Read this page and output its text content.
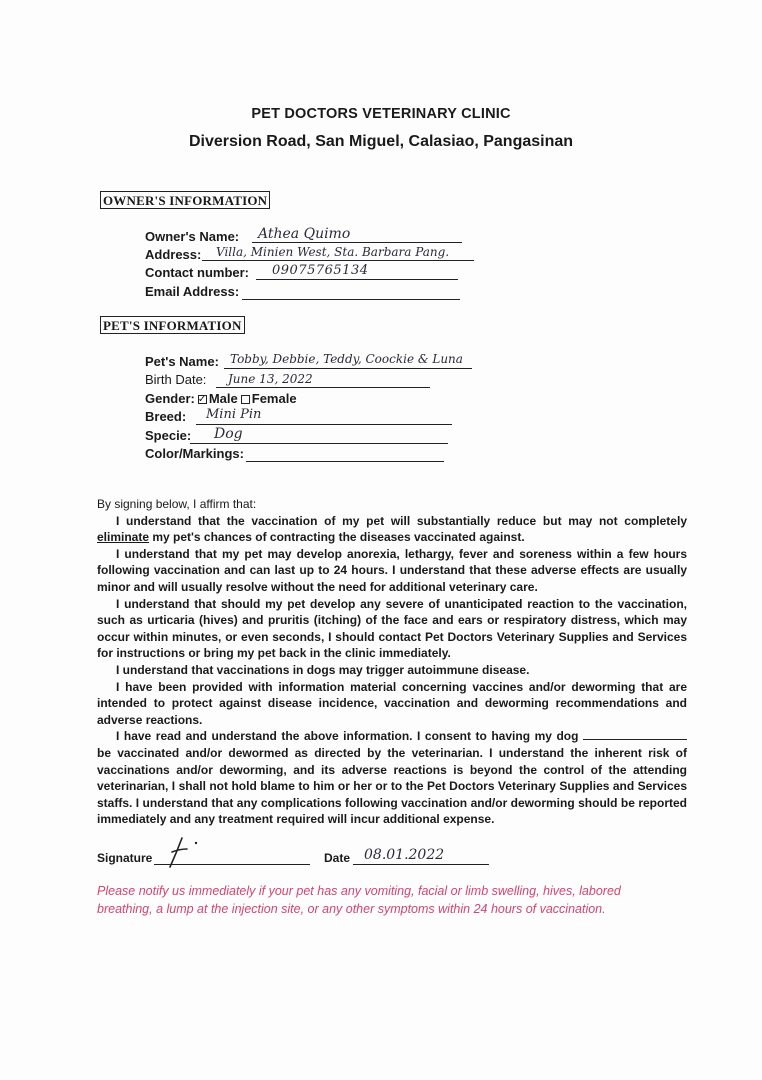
PET DOCTORS VETERINARY CLINIC
Diversion Road, San Miguel, Calasiao, Pangasinan
OWNER'S INFORMATION
Owner's Name: Athea Quimo
Address: Villa, Minien West, Sta. Barbara Pang.
Contact number: 09075765134
Email Address:
PET'S INFORMATION
Pet's Name: Tobby, Debbie, Teddy, Coockie & Luna
Birth Date: June 13, 2022
Gender:✓ Male Female
Breed: Mini Pin
Specie: Dog
Color/Markings:

By signing below, I affirm that:

I understand that the vaccination of my pet will substantially reduce but may not completely eliminate my pet's chances of contracting the diseases vaccinated against.

I understand that my pet may develop anorexia, lethargy, fever and soreness within a few hours following vaccination and can last up to 24 hours. I understand that these adverse effects are usually minor and will usually resolve without the need for additional veterinary care.

I understand that should my pet develop any severe of unanticipated reaction to the vaccination, such as urticaria (hives) and pruritis (itching) of the face and ears or respiratory distress, which may occur within minutes, or even seconds, I should contact Pet Doctors Veterinary Supplies and Services for instructions or bring my pet back in the clinic immediately.

I understand that vaccinations in dogs may trigger autoimmune disease.

I have been provided with information material concerning vaccines and/or deworming that are intended to protect against disease incidence, vaccination and deworming recommendations and adverse reactions.

I have read and understand the above information. I consent to having my dog  be vaccinated and/or dewormed as directed by the veterinarian. I understand the inherent risk of vaccinations and/or deworming, and its adverse reactions is beyond the control of the attending veterinarian, I shall not hold blame to him or her or to the Pet Doctors Veterinary Supplies and Services staffs. I understand that any complications following vaccination and/or deworming should be reported immediately and any treatment required will incur additional expense.

Signature	Date 08.01.2022
Please notify us immediately if your pet has any vomiting, facial or limb swelling, hives, labored breathing, a lump at the injection site, or any other symptoms within 24 hours of vaccination.
